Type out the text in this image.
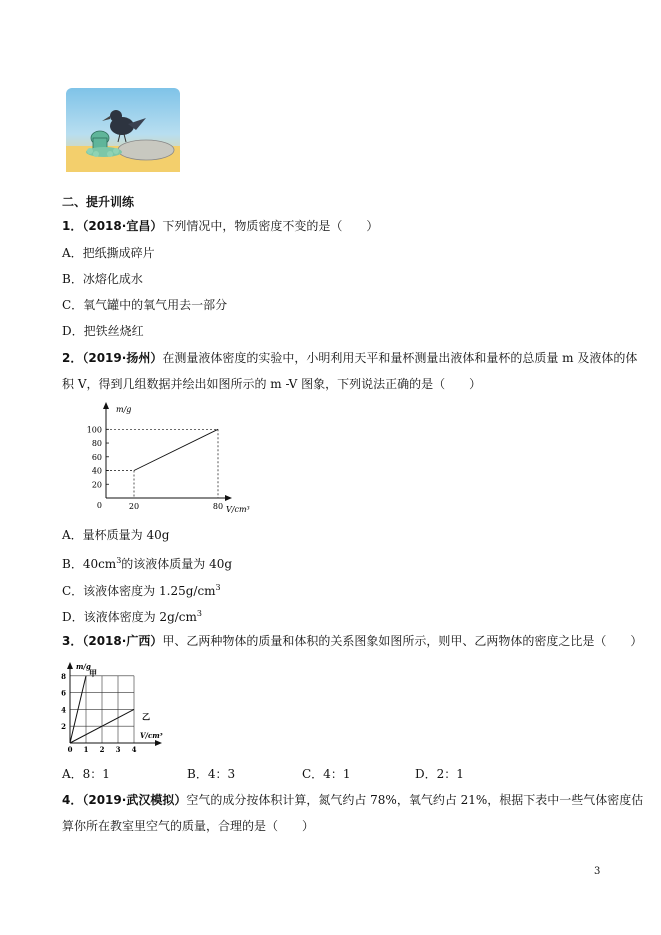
二、提升训练
1．（2018·宜昌）下列情况中，物质密度不变的是（　　）
A．把纸撕成碎片
B．冰熔化成水
C．氧气罐中的氧气用去一部分
D．把铁丝烧红
2．（2019·扬州）在测量液体密度的实验中，小明利用天平和量杯测量出液体和量杯的总质量 m 及液体的体
积 V，得到几组数据并绘出如图所示的 m -V 图象，下列说法正确的是（　　）
m/g
V/cm³
20
40
60
80
100
0	20	80
A．量杯质量为 40g
B．$40cm^3$的该液体质量为 40g
C．该液体密度为 $1.25g/cm^3$
D．该液体密度为 $2g/cm^3$
3．（2018·广西）甲、乙两种物体的质量和体积的关系图象如图所示，则甲、乙两物体的密度之比是（　　）
m/g
V/cm³
2
4
6
8
0 1 2 3 4
甲
乙
A．8：1	B．4：3	C．4：1	D．2：1
4．（2019·武汉模拟）空气的成分按体积计算，氮气约占 78%，氧气约占 21%，根据下表中一些气体密度估
算你所在教室里空气的质量，合理的是（　　）
3
